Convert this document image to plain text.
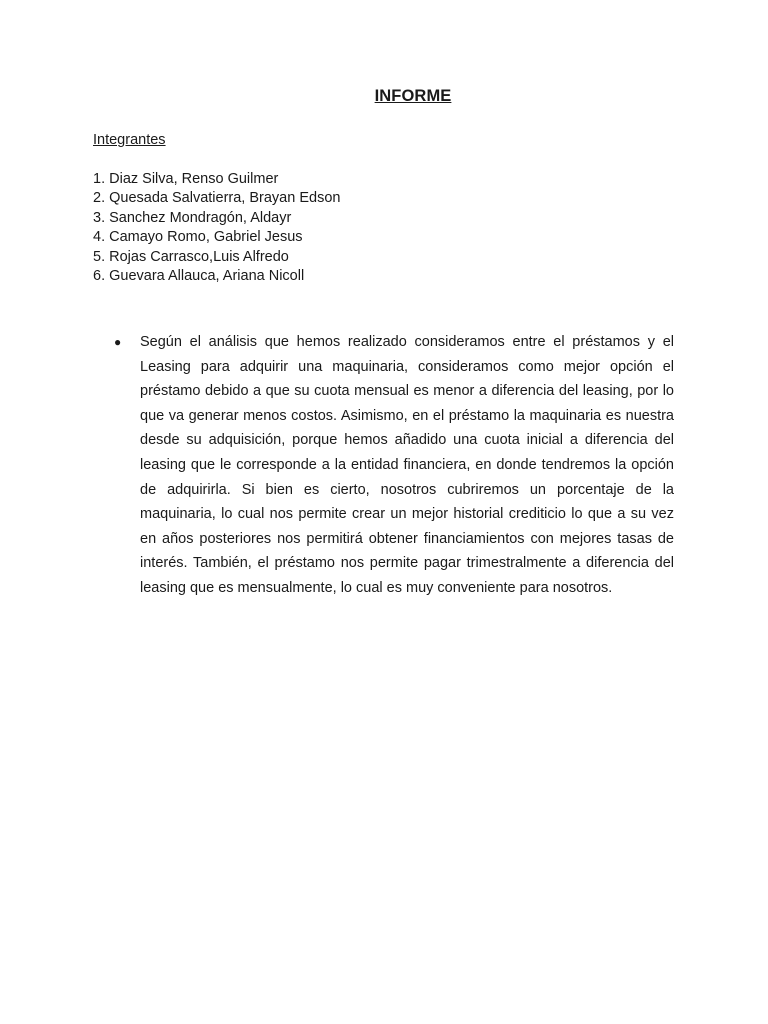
INFORME
Integrantes
1. Diaz Silva, Renso Guilmer
2. Quesada Salvatierra, Brayan Edson
3. Sanchez Mondragón, Aldayr
4. Camayo Romo, Gabriel Jesus
5. Rojas Carrasco,Luis Alfredo
6. Guevara Allauca, Ariana Nicoll
● Según el análisis que hemos realizado consideramos entre el préstamos y el Leasing para adquirir una maquinaria, consideramos como mejor opción el préstamo debido a que su cuota mensual es menor a diferencia del leasing, por lo que va generar menos costos. Asimismo, en el préstamo la maquinaria es nuestra desde su adquisición, porque hemos añadido una cuota inicial a diferencia del leasing que le corresponde a la entidad financiera, en donde tendremos la opción de adquirirla. Si bien es cierto, nosotros cubriremos un porcentaje de la maquinaria, lo cual nos permite crear un mejor historial crediticio lo que a su vez en años posteriores nos permitirá obtener financiamientos con mejores tasas de interés. También, el préstamo nos permite pagar trimestralmente a diferencia del leasing que es mensualmente, lo cual es muy conveniente para nosotros.
